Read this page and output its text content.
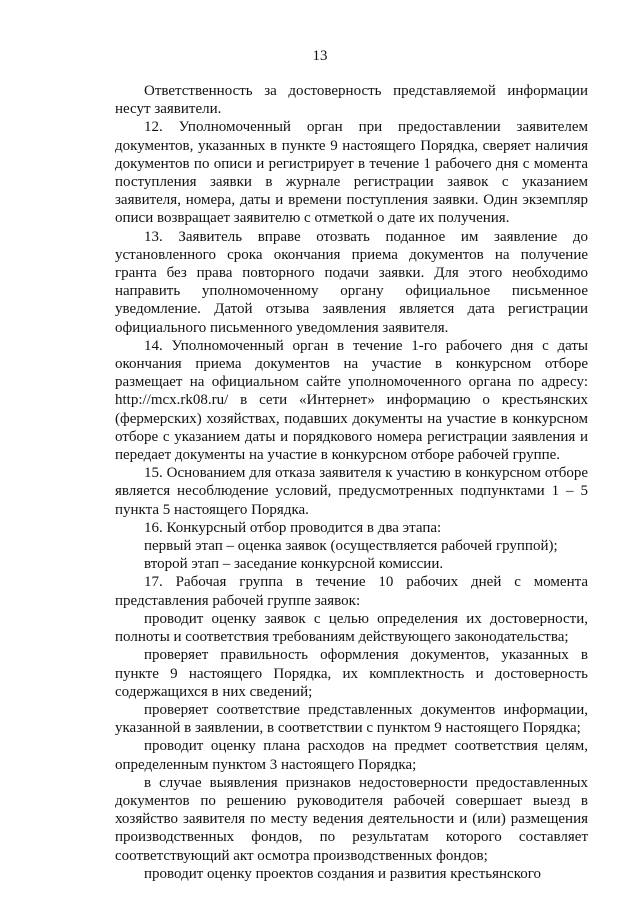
13

Ответственность за достоверность представляемой информации несут заявители.

12. Уполномоченный орган при предоставлении заявителем документов, указанных в пункте 9 настоящего Порядка, сверяет наличия документов по описи и регистрирует в течение 1 рабочего дня с момента поступления заявки в журнале регистрации заявок с указанием заявителя, номера, даты и времени поступления заявки. Один экземпляр описи возвращает заявителю с отметкой о дате их получения.

13. Заявитель вправе отозвать поданное им заявление до установленного срока окончания приема документов на получение гранта без права повторного подачи заявки. Для этого необходимо направить уполномоченному органу официальное письменное уведомление. Датой отзыва заявления является дата регистрации официального письменного уведомления заявителя.

14. Уполномоченный орган в течение 1-го рабочего дня с даты окончания приема документов на участие в конкурсном отборе размещает на официальном сайте уполномоченного органа по адресу: http://mcx.rk08.ru/ в сети «Интернет» информацию о крестьянских (фермерских) хозяйствах, подавших документы на участие в конкурсном отборе с указанием даты и порядкового номера регистрации заявления и передает документы на участие в конкурсном отборе рабочей группе.

15. Основанием для отказа заявителя к участию в конкурсном отборе является несоблюдение условий, предусмотренных подпунктами 1 – 5 пункта 5 настоящего Порядка.

16. Конкурсный отбор проводится в два этапа:

первый этап – оценка заявок (осуществляется рабочей группой);

второй этап – заседание конкурсной комиссии.

17. Рабочая группа в течение 10 рабочих дней с момента представления рабочей группе заявок:

проводит оценку заявок с целью определения их достоверности, полноты и соответствия требованиям действующего законодательства;

проверяет правильность оформления документов, указанных в пункте 9 настоящего Порядка, их комплектность и достоверность содержащихся в них сведений;

проверяет соответствие представленных документов информации, указанной в заявлении, в соответствии с пунктом 9 настоящего Порядка;

проводит оценку плана расходов на предмет соответствия целям, определенным пунктом 3 настоящего Порядка;

в случае выявления признаков недостоверности предоставленных документов по решению руководителя рабочей совершает выезд в хозяйство заявителя по месту ведения деятельности и (или) размещения производственных фондов, по результатам которого составляет соответствующий акт осмотра производственных фондов;

проводит оценку проектов создания и развития крестьянского
